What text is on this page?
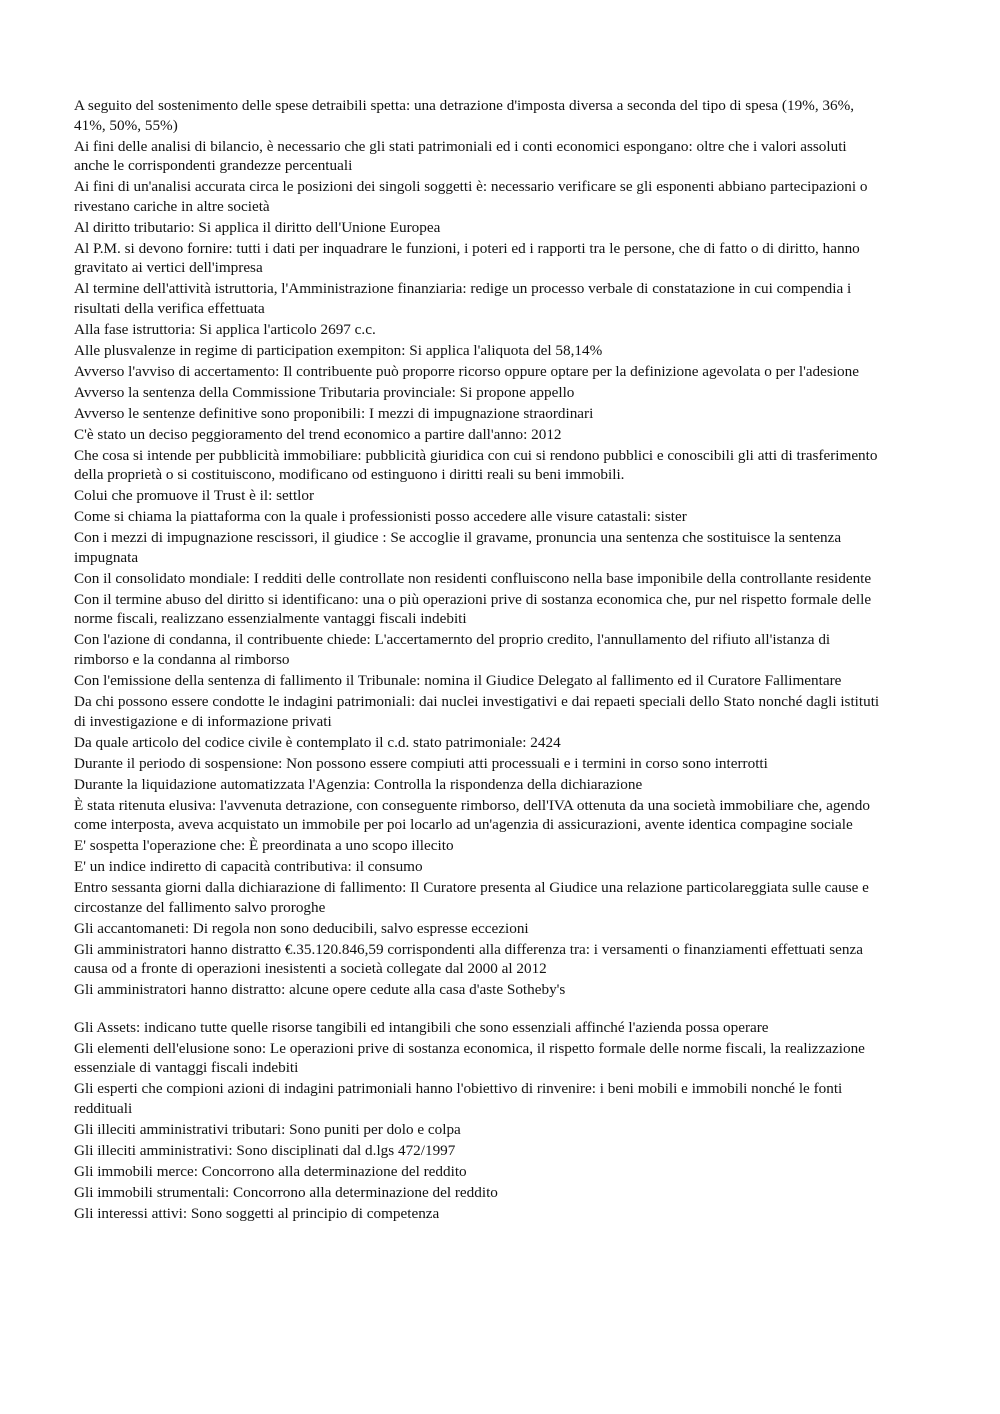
A seguito del sostenimento delle spese detraibili spetta: una detrazione d'imposta diversa a seconda del tipo di spesa (19%, 36%, 41%, 50%, 55%)
Ai fini delle analisi di bilancio, è necessario che gli stati patrimoniali ed i conti economici espongano: oltre che i valori assoluti anche le corrispondenti grandezze percentuali
Ai fini di un'analisi accurata circa le posizioni dei singoli soggetti è: necessario verificare se gli esponenti abbiano partecipazioni o rivestano cariche in altre società
Al diritto tributario: Si applica il diritto dell'Unione Europea
Al P.M. si devono fornire: tutti i dati per inquadrare le funzioni, i poteri ed i rapporti tra le persone, che di fatto o di diritto, hanno gravitato ai vertici dell'impresa
Al termine dell'attività istruttoria, l'Amministrazione finanziaria: redige un processo verbale di constatazione in cui compendia i risultati della verifica effettuata
Alla fase istruttoria: Si applica l'articolo 2697 c.c.
Alle plusvalenze in regime di participation exempiton: Si applica l'aliquota del 58,14%
Avverso l'avviso di accertamento: Il contribuente può proporre ricorso oppure optare per la definizione agevolata o per l'adesione
Avverso la sentenza della Commissione Tributaria provinciale: Si propone appello
Avverso le sentenze definitive sono proponibili: I mezzi di impugnazione straordinari
C'è stato un deciso peggioramento del trend economico a partire dall'anno: 2012
Che cosa si intende per pubblicità immobiliare: pubblicità giuridica con cui si rendono pubblici e conoscibili gli atti di trasferimento della proprietà o si costituiscono, modificano od estinguono i diritti reali su beni immobili.
Colui che promuove il Trust è il: settlor
Come si chiama la piattaforma con la quale i professionisti posso accedere alle visure catastali: sister
Con i mezzi di impugnazione rescissori, il giudice : Se accoglie il gravame, pronuncia una sentenza che sostituisce la sentenza impugnata
Con il consolidato mondiale: I redditi delle controllate non residenti confluiscono nella base imponibile della controllante residente
Con il termine abuso del diritto si identificano: una o più operazioni prive di sostanza economica che, pur nel rispetto formale delle norme fiscali, realizzano essenzialmente vantaggi fiscali indebiti
Con l'azione di condanna, il contribuente chiede: L'accertamernto del proprio credito, l'annullamento del rifiuto all'istanza di rimborso e la condanna al rimborso
Con l'emissione della sentenza di fallimento il Tribunale: nomina il Giudice Delegato al fallimento ed il Curatore Fallimentare
Da chi possono essere condotte le indagini patrimoniali: dai nuclei investigativi e dai repaeti speciali dello Stato nonché dagli istituti di investigazione e di informazione privati
Da quale articolo del codice civile è contemplato il c.d. stato patrimoniale: 2424
Durante il periodo di sospensione: Non possono essere compiuti atti processuali e i termini in corso sono interrotti
Durante la liquidazione automatizzata l'Agenzia: Controlla la rispondenza della dichiarazione
È stata ritenuta elusiva: l'avvenuta detrazione, con conseguente rimborso, dell'IVA ottenuta da una società immobiliare che, agendo come interposta, aveva acquistato un immobile per poi locarlo ad un'agenzia di assicurazioni, avente identica compagine sociale
E' sospetta l'operazione che: È preordinata a uno scopo illecito
E' un indice indiretto di capacità contributiva: il consumo
Entro sessanta giorni dalla dichiarazione di fallimento: Il Curatore presenta al Giudice una relazione particolareggiata sulle cause e circostanze del fallimento salvo proroghe
Gli accantomaneti: Di regola non sono deducibili, salvo espresse eccezioni
Gli amministratori hanno distratto €.35.120.846,59 corrispondenti alla differenza tra: i versamenti o finanziamenti effettuati senza causa od a fronte di operazioni inesistenti a società collegate dal 2000 al 2012
Gli amministratori hanno distratto: alcune opere cedute alla casa d'aste Sotheby's
Gli Assets: indicano tutte quelle risorse tangibili ed intangibili che sono essenziali affinché l'azienda possa operare
Gli elementi dell'elusione sono: Le operazioni prive di sostanza economica, il rispetto formale delle norme fiscali, la realizzazione essenziale di vantaggi fiscali indebiti
Gli esperti che compioni azioni di indagini patrimoniali hanno l'obiettivo di rinvenire: i beni mobili e immobili nonché le fonti reddituali
Gli illeciti amministrativi tributari: Sono puniti per dolo e colpa
Gli illeciti amministrativi: Sono disciplinati dal d.lgs 472/1997
Gli immobili merce: Concorrono alla determinazione del reddito
Gli immobili strumentali: Concorrono alla determinazione del reddito
Gli interessi attivi: Sono soggetti al principio di competenza
